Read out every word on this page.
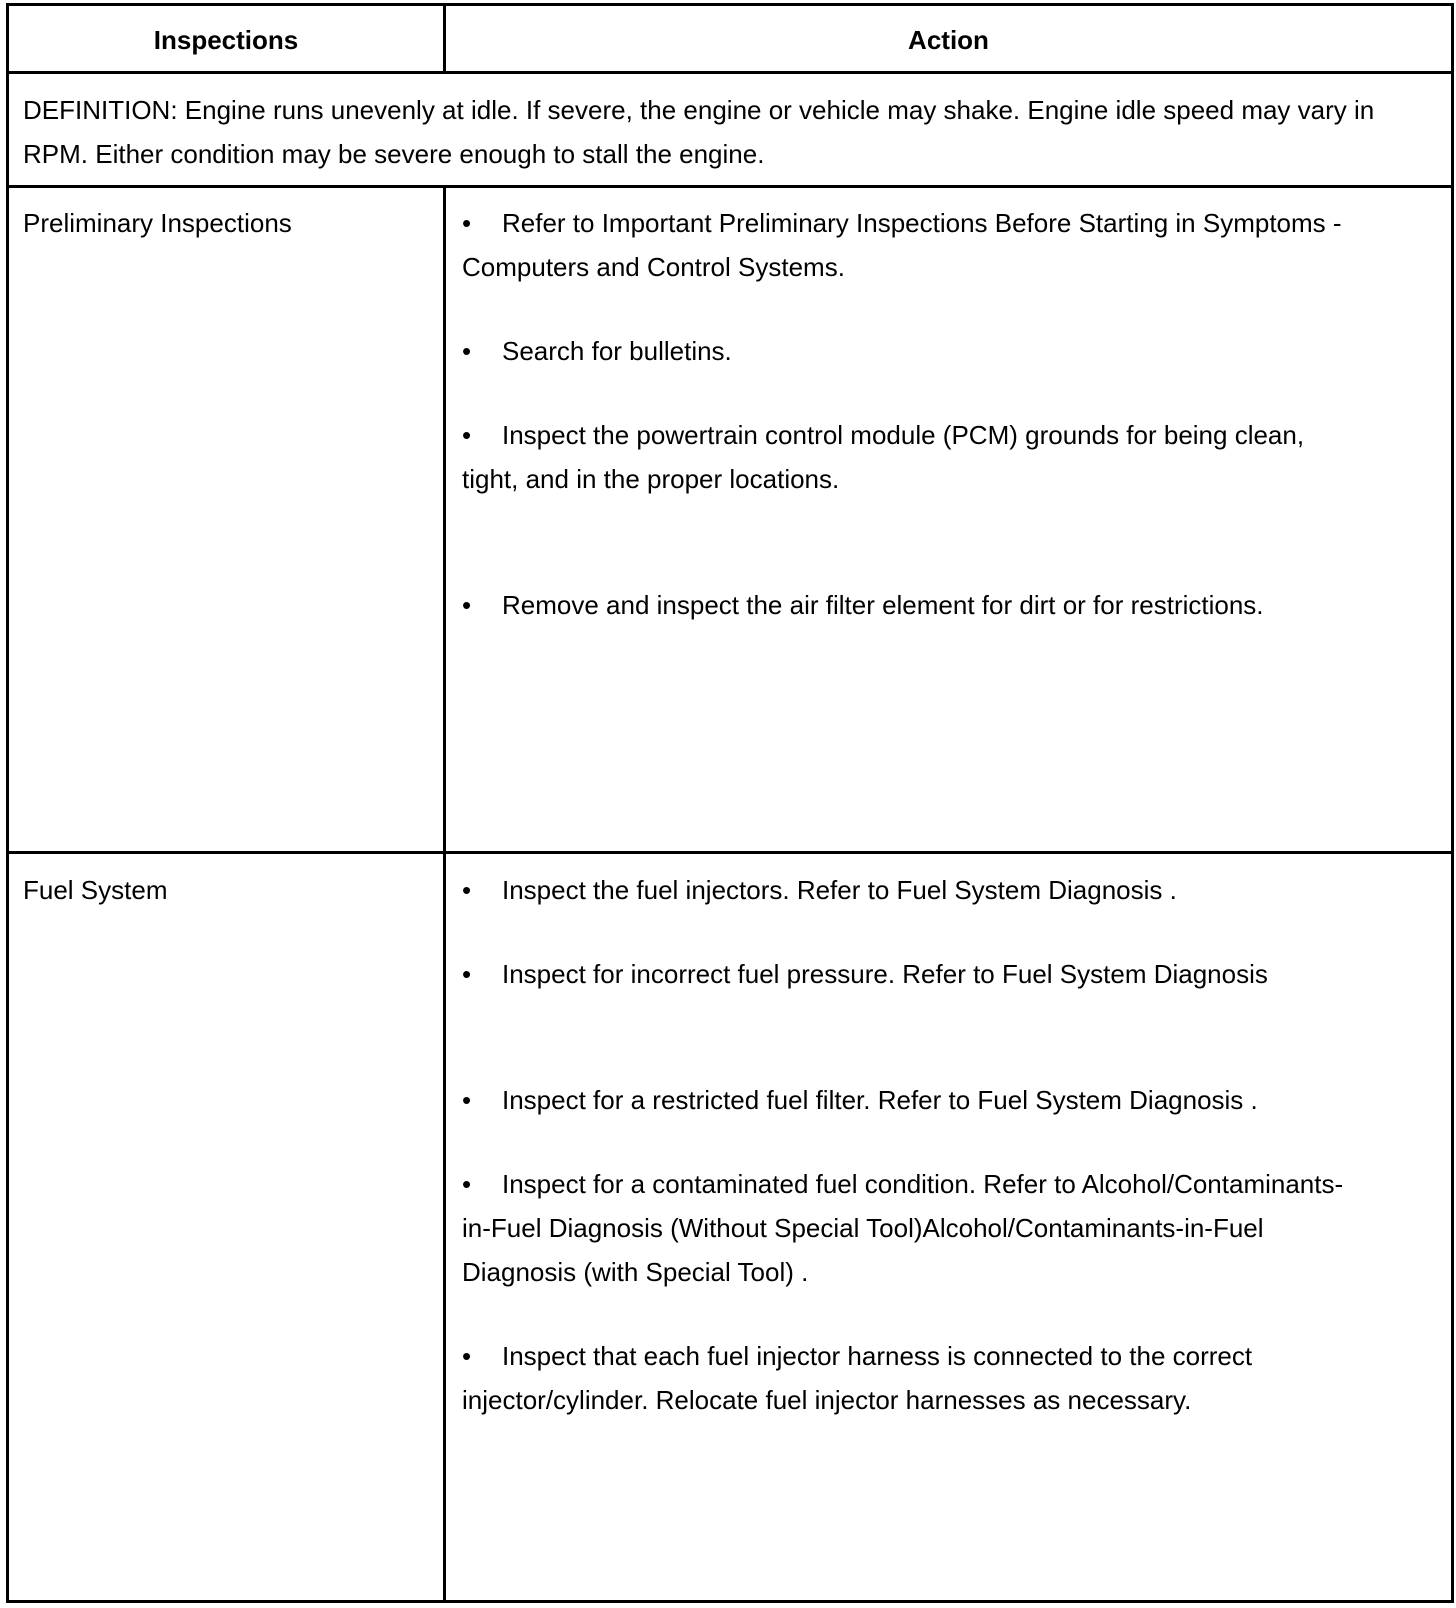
Inspections	Action
DEFINITION: Engine runs unevenly at idle. If severe, the engine or vehicle may shake. Engine idle speed may vary in RPM. Either condition may be severe enough to stall the engine.
Preliminary Inspections	• Refer to Important Preliminary Inspections Before Starting in Symptoms - Computers and Control Systems.
• Search for bulletins.
• Inspect the powertrain control module (PCM) grounds for being clean, tight, and in the proper locations.
• Remove and inspect the air filter element for dirt or for restrictions.
Fuel System	• Inspect the fuel injectors. Refer to Fuel System Diagnosis .
• Inspect for incorrect fuel pressure. Refer to Fuel System Diagnosis
• Inspect for a restricted fuel filter. Refer to Fuel System Diagnosis .
• Inspect for a contaminated fuel condition. Refer to Alcohol/Contaminants-in-Fuel Diagnosis (Without Special Tool)Alcohol/Contaminants-in-Fuel Diagnosis (with Special Tool) .
• Inspect that each fuel injector harness is connected to the correct injector/cylinder. Relocate fuel injector harnesses as necessary.
